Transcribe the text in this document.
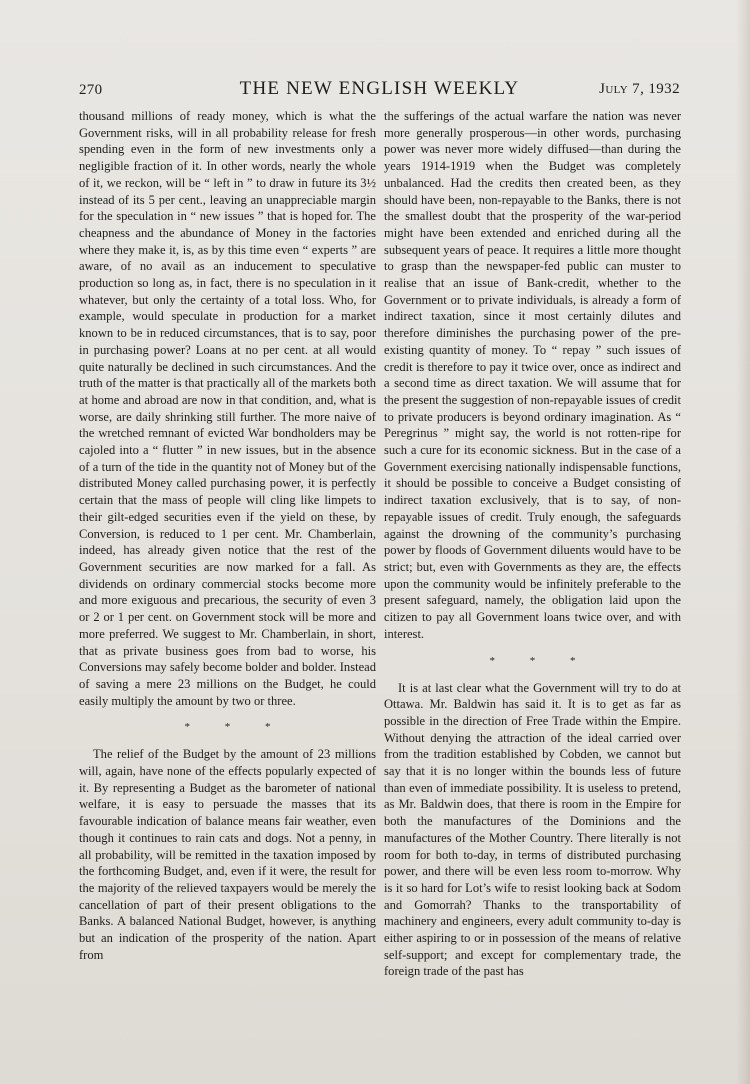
270	THE NEW ENGLISH WEEKLY	July 7, 1932

thousand millions of ready money, which is what the Government risks, will in all probability release for fresh spending even in the form of new investments only a negligible fraction of it. In other words, nearly the whole of it, we reckon, will be “ left in ” to draw in future its 3½ instead of its 5 per cent., leaving an unappreciable margin for the speculation in “ new issues ” that is hoped for. The cheapness and the abundance of Money in the factories where they make it, is, as by this time even “ experts ” are aware, of no avail as an inducement to speculative production so long as, in fact, there is no speculation in it whatever, but only the certainty of a total loss. Who, for example, would speculate in production for a market known to be in reduced circumstances, that is to say, poor in purchasing power? Loans at no per cent. at all would quite naturally be declined in such circumstances. And the truth of the matter is that practically all of the markets both at home and abroad are now in that condition, and, what is worse, are daily shrinking still further. The more naive of the wretched remnant of evicted War bondholders may be cajoled into a “ flutter ” in new issues, but in the absence of a turn of the tide in the quantity not of Money but of the distributed Money called purchasing power, it is perfectly certain that the mass of people will cling like limpets to their gilt-edged securities even if the yield on these, by Conversion, is reduced to 1 per cent. Mr. Chamberlain, indeed, has already given notice that the rest of the Government securities are now marked for a fall. As dividends on ordinary commercial stocks become more and more exiguous and precarious, the security of even 3 or 2 or 1 per cent. on Government stock will be more and more preferred. We suggest to Mr. Chamberlain, in short, that as private business goes from bad to worse, his Conversions may safely become bolder and bolder. Instead of saving a mere 23 millions on the Budget, he could easily multiply the amount by two or three.

* * *

The relief of the Budget by the amount of 23 millions will, again, have none of the effects popularly expected of it. By representing a Budget as the barometer of national welfare, it is easy to persuade the masses that its favourable indication of balance means fair weather, even though it continues to rain cats and dogs. Not a penny, in all probability, will be remitted in the taxation imposed by the forthcoming Budget, and, even if it were, the result for the majority of the relieved taxpayers would be merely the cancellation of part of their present obligations to the Banks. A balanced National Budget, however, is anything but an indication of the prosperity of the nation. Apart from

the sufferings of the actual warfare the nation was never more generally prosperous—in other words, purchasing power was never more widely diffused—than during the years 1914-1919 when the Budget was completely unbalanced. Had the credits then created been, as they should have been, non-repayable to the Banks, there is not the smallest doubt that the prosperity of the war-period might have been extended and enriched during all the subsequent years of peace. It requires a little more thought to grasp than the newspaper-fed public can muster to realise that an issue of Bank-credit, whether to the Government or to private individuals, is already a form of indirect taxation, since it most certainly dilutes and therefore diminishes the purchasing power of the pre-existing quantity of money. To “ repay ” such issues of credit is therefore to pay it twice over, once as indirect and a second time as direct taxation. We will assume that for the present the suggestion of non-repayable issues of credit to private producers is beyond ordinary imagination. As “ Peregrinus ” might say, the world is not rotten-ripe for such a cure for its economic sickness. But in the case of a Government exercising nationally indispensable functions, it should be possible to conceive a Budget consisting of indirect taxation exclusively, that is to say, of non-repayable issues of credit. Truly enough, the safeguards against the drowning of the community’s purchasing power by floods of Government diluents would have to be strict; but, even with Governments as they are, the effects upon the community would be infinitely preferable to the present safeguard, namely, the obligation laid upon the citizen to pay all Government loans twice over, and with interest.

* * *

It is at last clear what the Government will try to do at Ottawa. Mr. Baldwin has said it. It is to get as far as possible in the direction of Free Trade within the Empire. Without denying the attraction of the ideal carried over from the tradition established by Cobden, we cannot but say that it is no longer within the bounds less of future than even of immediate possibility. It is useless to pretend, as Mr. Baldwin does, that there is room in the Empire for both the manufactures of the Dominions and the manufactures of the Mother Country. There literally is not room for both to-day, in terms of distributed purchasing power, and there will be even less room to-morrow. Why is it so hard for Lot’s wife to resist looking back at Sodom and Gomorrah? Thanks to the transportability of machinery and engineers, every adult community to-day is either aspiring to or in possession of the means of relative self-support; and except for complementary trade, the foreign trade of the past has
